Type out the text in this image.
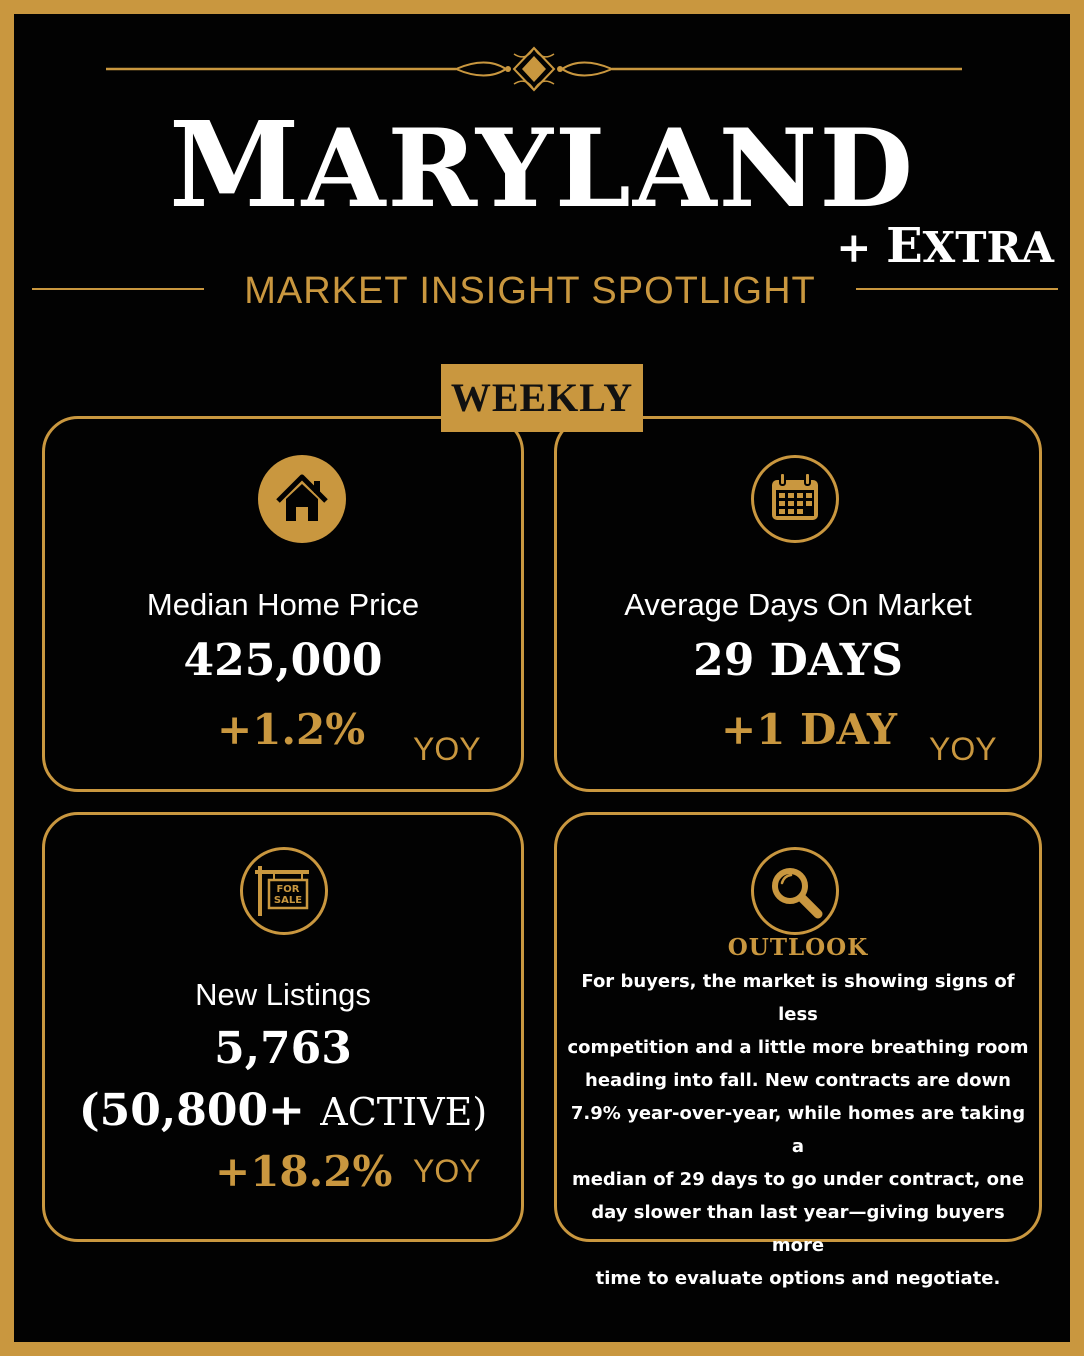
MARYLAND
+ EXTRA
MARKET INSIGHT SPOTLIGHT
WEEKLY
Median Home Price
425,000
+1.2% YOY
Average Days On Market
29 DAYS
+1 DAY YOY
FOR
SALE
New Listings
5,763
(50,800+ ACTIVE)
+18.2% YOY
OUTLOOK
For buyers, the market is showing signs of less
competition and a little more breathing room
heading into fall. New contracts are down
7.9% year-over-year, while homes are taking a
median of 29 days to go under contract, one
day slower than last year—giving buyers more
time to evaluate options and negotiate.
